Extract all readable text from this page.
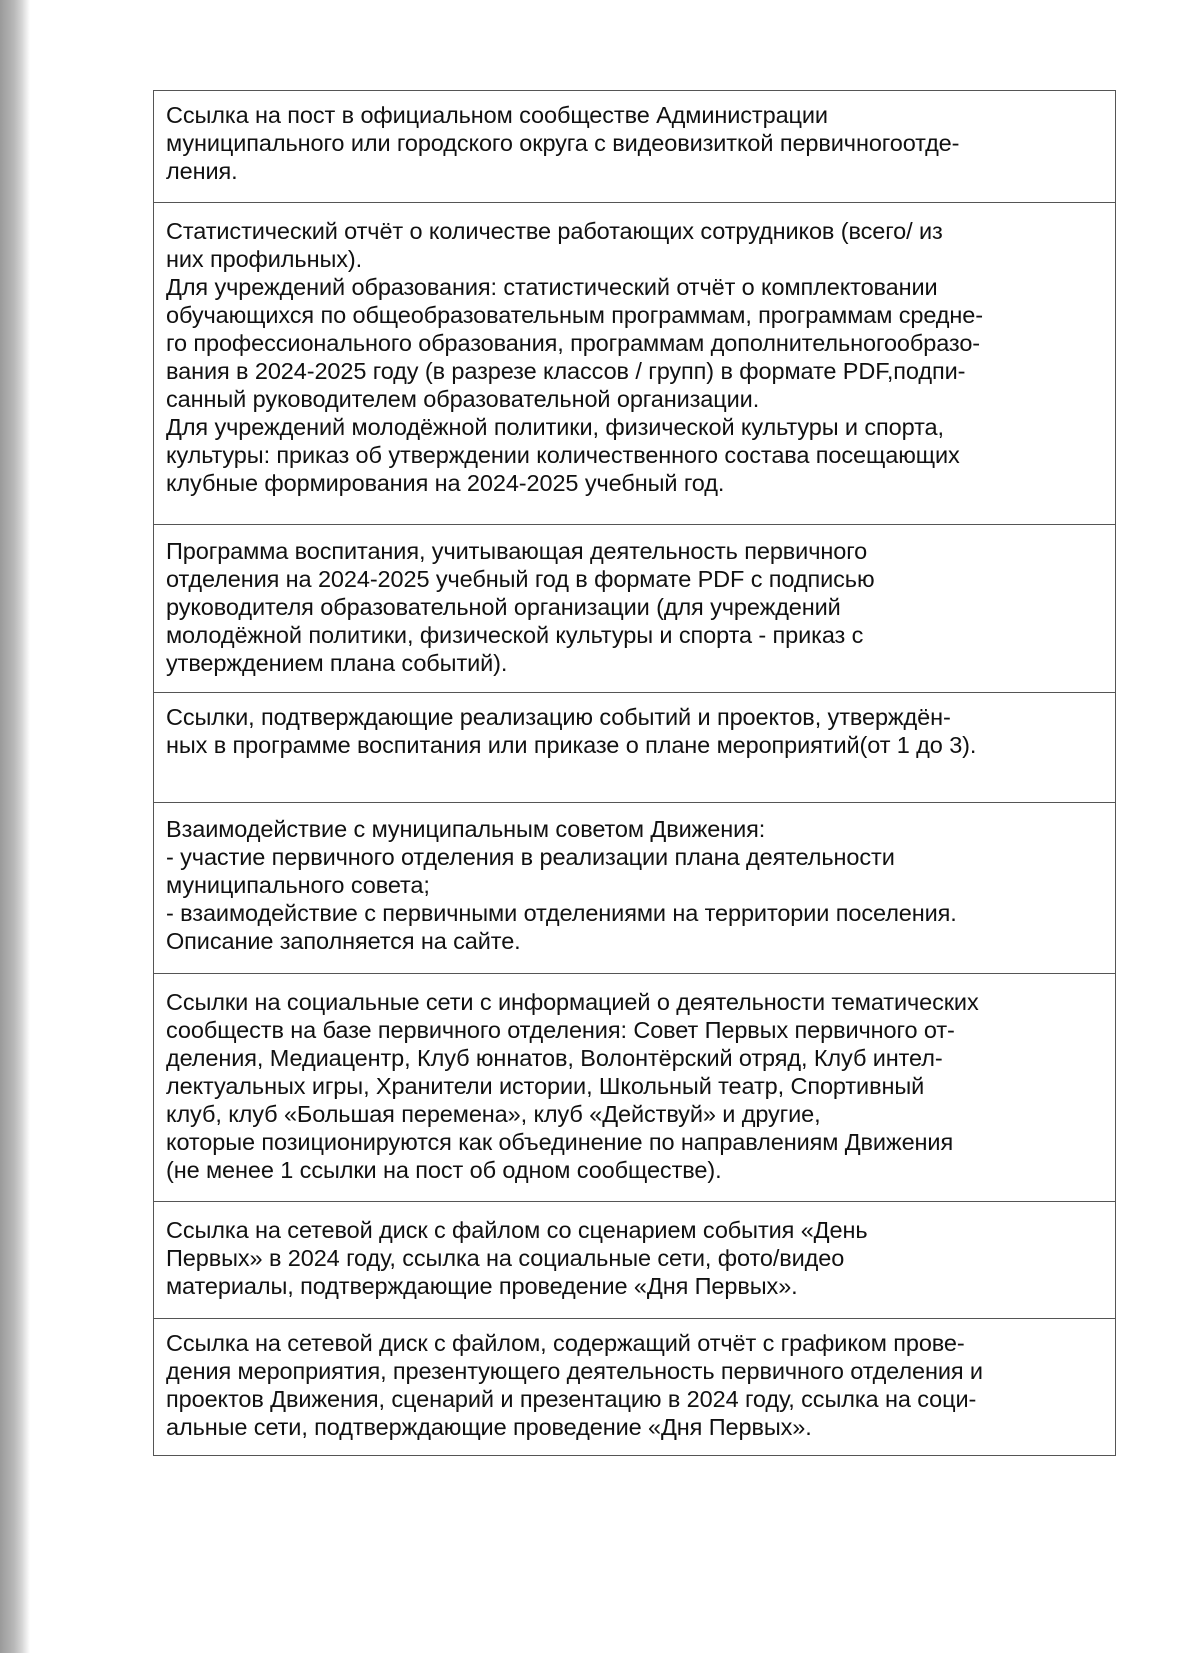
Ссылка на пост в официальном сообществе Администрации
муниципального или городского округа с видеовизиткой первичногоотде-
ления.
Статистический отчёт о количестве работающих сотрудников (всего/ из
них профильных).
Для учреждений образования: статистический отчёт о комплектовании
обучающихся по общеобразовательным программам, программам средне-
го профессионального образования, программам дополнительногообразо-
вания в 2024-2025 году (в разрезе классов / групп) в формате PDF,подпи-
санный руководителем образовательной организации.
Для учреждений молодёжной политики, физической культуры и спорта,
культуры: приказ об утверждении количественного состава посещающих
клубные формирования на 2024-2025 учебный год.
Программа воспитания, учитывающая деятельность первичного
отделения на 2024-2025 учебный год в формате PDF с подписью
руководителя образовательной организации (для учреждений
молодёжной политики, физической культуры и спорта - приказ с
утверждением плана событий).
Ссылки, подтверждающие реализацию событий и проектов, утверждён-
ных в программе воспитания или приказе о плане мероприятий(от 1 до 3).
Взаимодействие с муниципальным советом Движения:
- участие первичного отделения в реализации плана деятельности
муниципального совета;
- взаимодействие с первичными отделениями на территории поселения.
Описание заполняется на сайте.
Ссылки на социальные сети с информацией о деятельности тематических
сообществ на базе первичного отделения: Совет Первых первичного от-
деления, Медиацентр, Клуб юннатов, Волонтёрский отряд, Клуб интел-
лектуальных игры, Хранители истории, Школьный театр, Спортивный
клуб, клуб «Большая перемена», клуб «Действуй» и другие,
которые позиционируются как объединение по направлениям Движения
(не менее 1 ссылки на пост об одном сообществе).
Ссылка на сетевой диск с файлом со сценарием события «День
Первых» в 2024 году, ссылка на социальные сети, фото/видео
материалы, подтверждающие проведение «Дня Первых».
Ссылка на сетевой диск с файлом, содержащий отчёт с графиком прове-
дения мероприятия, презентующего деятельность первичного отделения и
проектов Движения, сценарий и презентацию в 2024 году, ссылка на соци-
альные сети, подтверждающие проведение «Дня Первых».
